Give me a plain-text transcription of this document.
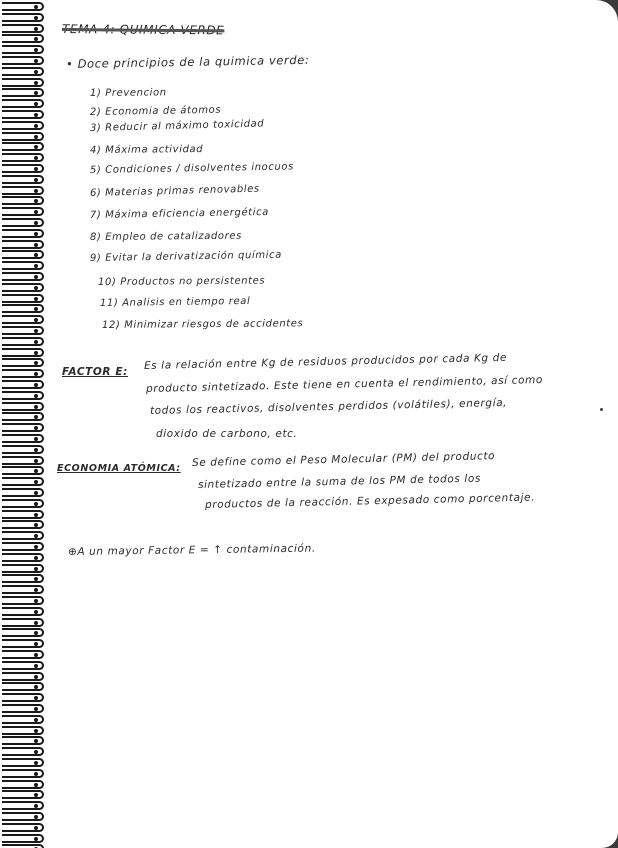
TEMA 4: QUIMICA VERDE
• Doce principios de la quimica verde:
1) Prevencion
2) Economia de átomos
3) Reducir al máximo toxicidad
4) Máxima actividad
5) Condiciones / disolventes inocuos
6) Materias primas renovables
7) Máxima eficiencia energética
8) Empleo de catalizadores
9) Evitar la derivatización química
10) Productos no persistentes
11) Analisis en tiempo real
12) Minimizar riesgos de accidentes
FACTOR E:
Es la relación entre Kg de residuos producidos por cada Kg de
producto sintetizado. Este tiene en cuenta el rendimiento, así como
todos los reactivos, disolventes perdidos (volátiles), energía,
dioxido de carbono, etc.
ECONOMIA ATÓMICA: Se define como el Peso Molecular (PM) del producto
sintetizado entre la suma de los PM de todos los
productos de la reacción. Es expesado como porcentaje.
⊕A un mayor Factor E = ↑ contaminación.
